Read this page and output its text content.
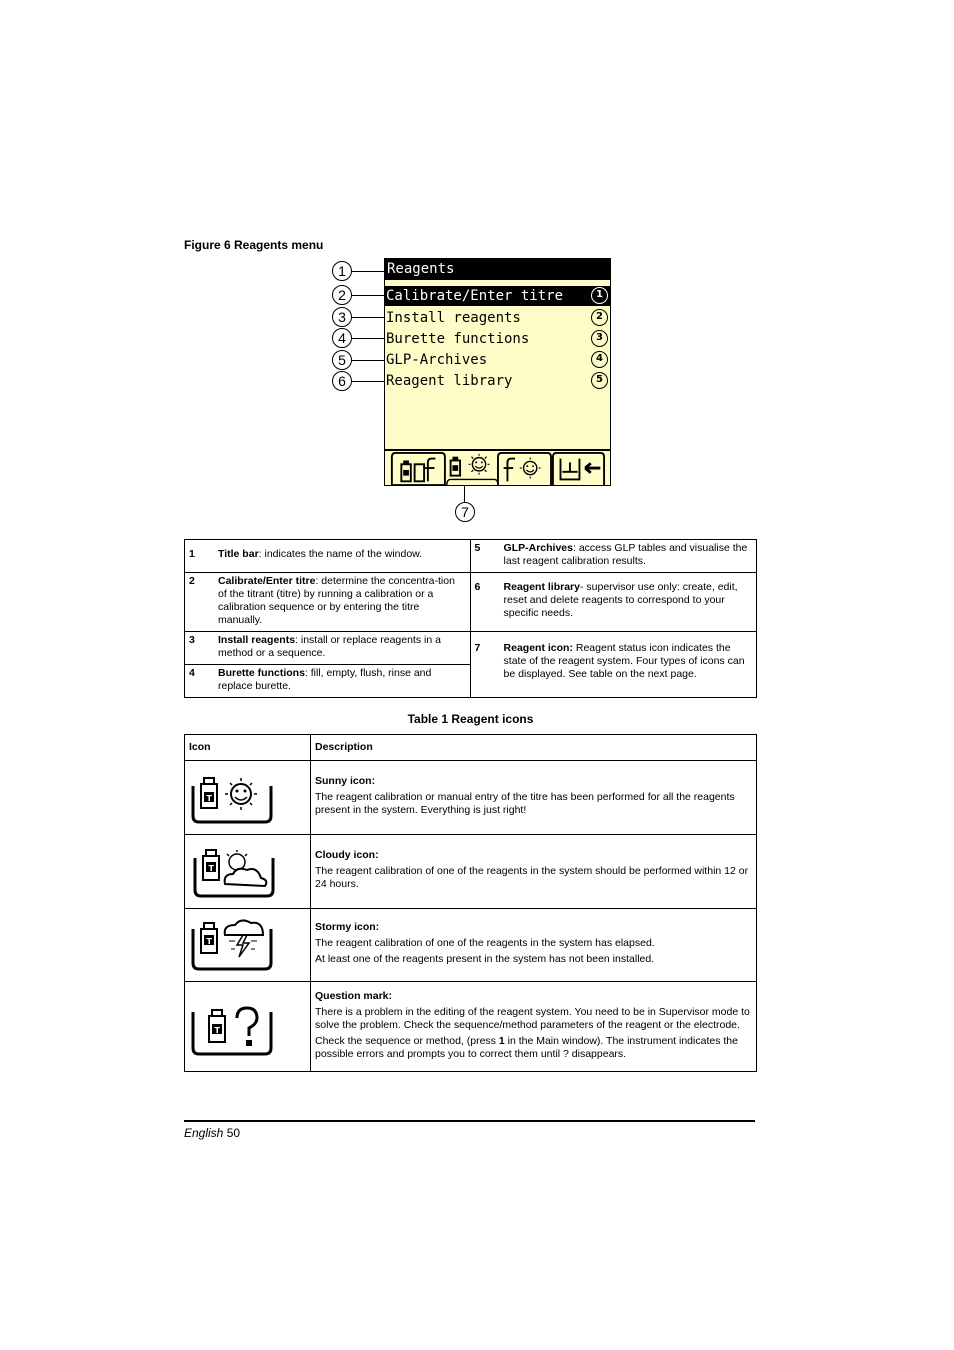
Figure 6 Reagents menu
1
2
3
4
5
6
Reagents
Calibrate/Enter titre	1
Install reagents	2
Burette functions	3
GLP-Archives	4
Reagent library	5
7
1 Title bar: indicates the name of the window.	5 GLP-Archives: access GLP tables and visualise the last reagent calibration results.

2 Calibrate/Enter titre: determine the concentra-tion of the titrant (titre) by running a calibration or a calibration sequence or by entering the titre manually.	6 Reagent library- supervisor use only: create, edit, reset and delete reagents to correspond to your specific needs.

3 Install reagents: install or replace reagents in a method or a sequence.	7 Reagent icon: Reagent status icon indicates the state of the reagent system. Four types of icons can be displayed. See table on the next page.

4 Burette functions: fill, empty, flush, rinse and replace burette.	
Table 1 Reagent icons
Icon	Description

T	Sunny icon:
The reagent calibration or manual entry of the titre has been performed for all the reagents present in the system. Everything is just right!

T	Cloudy icon:
The reagent calibration of one of the reagents in the system should be performed within 12 or 24 hours.

T	Stormy icon:
The reagent calibration of one of the reagents in the system has elapsed.
At least one of the reagents present in the system has not been installed.

T	Question mark:
There is a problem in the editing of the reagent system. You need to be in Supervisor mode to solve the problem. Check the sequence/method parameters of the reagent or the electrode.
Check the sequence or method, (press 1 in the Main window). The instrument indicates the possible errors and prompts you to correct them until ? disappears.
English 50
